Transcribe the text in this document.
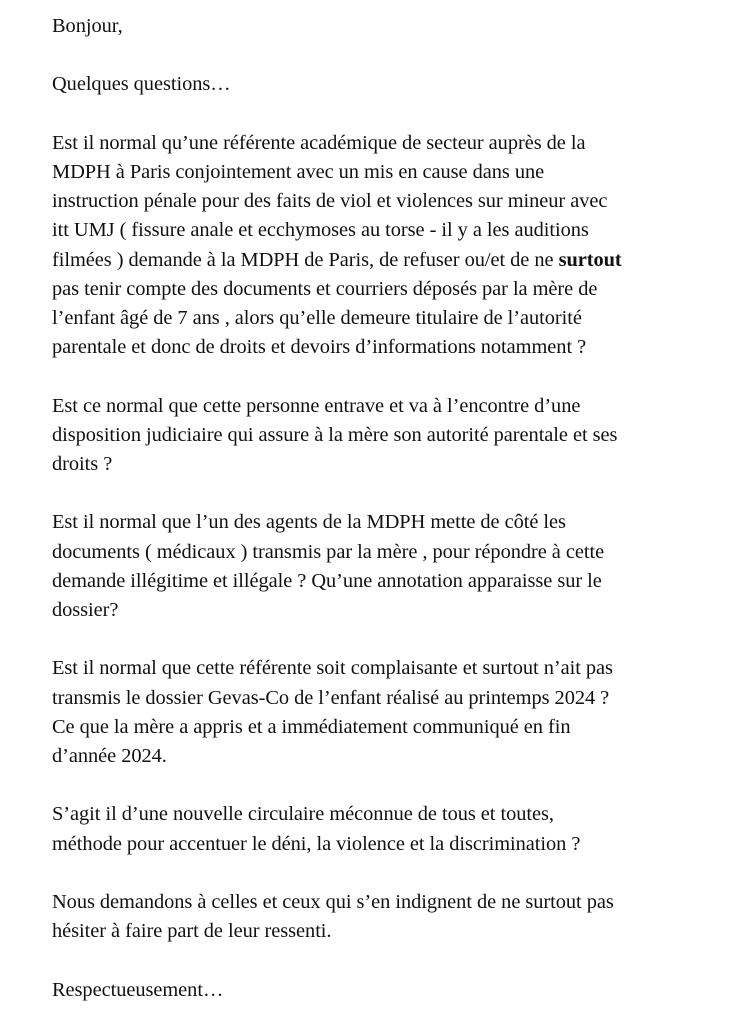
Bonjour,

Quelques questions…

Est il normal qu’une référente académique de secteur auprès de la
MDPH à Paris conjointement avec un mis en cause dans une
instruction pénale pour des faits de viol et violences sur mineur avec
itt UMJ ( fissure anale et ecchymoses au torse - il y a les auditions
filmées ) demande à la MDPH de Paris, de refuser ou/et de ne surtout
pas tenir compte des documents et courriers déposés par la mère de
l’enfant âgé de 7 ans , alors qu’elle demeure titulaire de l’autorité
parentale et donc de droits et devoirs d’informations notamment ?

Est ce normal que cette personne entrave et va à l’encontre d’une
disposition judiciaire qui assure à la mère son autorité parentale et ses
droits ?

Est il normal que l’un des agents de la MDPH mette de côté les
documents ( médicaux ) transmis par la mère , pour répondre à cette
demande illégitime et illégale ? Qu’une annotation apparaisse sur le
dossier?

Est il normal que cette référente soit complaisante et surtout n’ait pas
transmis le dossier Gevas-Co de l’enfant réalisé au printemps 2024 ?
Ce que la mère a appris et a immédiatement communiqué en fin
d’année 2024.

S’agit il d’une nouvelle circulaire méconnue de tous et toutes,
méthode pour accentuer le déni, la violence et la discrimination ?

Nous demandons à celles et ceux qui s’en indignent de ne surtout pas
hésiter à faire part de leur ressenti.

Respectueusement…
